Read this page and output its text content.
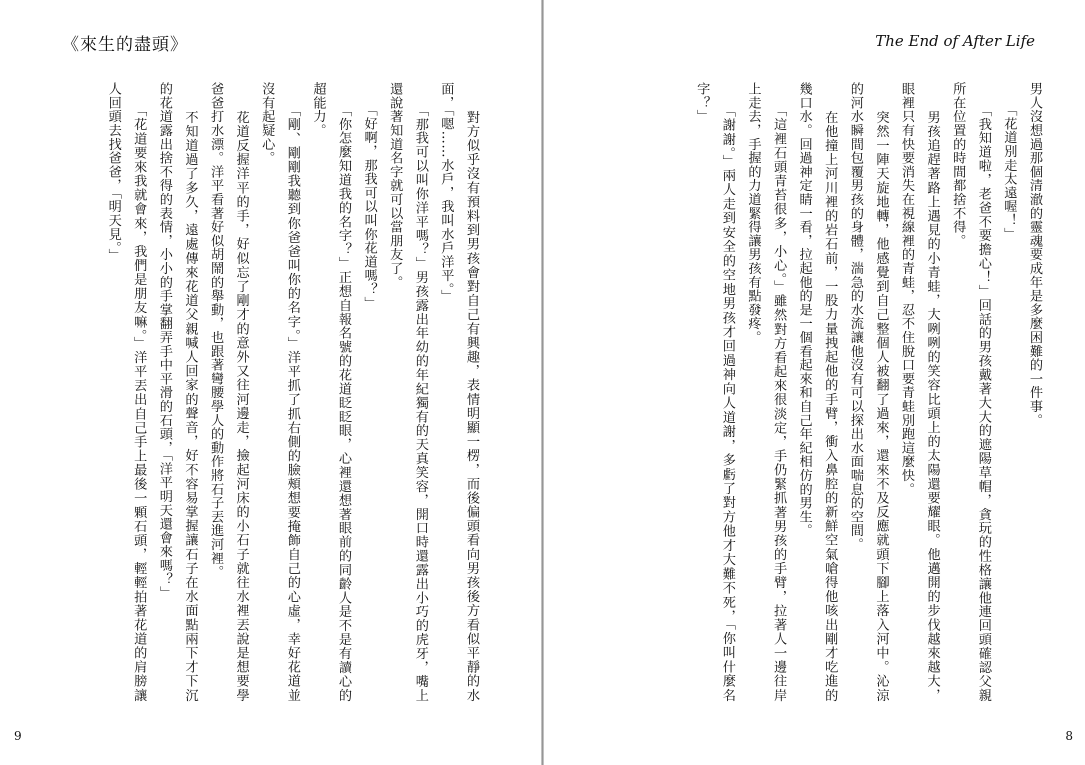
《來生的盡頭》

　　對方似乎沒有預料到男孩會對自己有興趣，表情明顯一楞，而後偏頭看向男孩後方看似平靜的水面，「嗯……水戶，我叫水戶洋平。」

　　「那我可以叫你洋平嗎？」男孩露出年幼的年紀獨有的天真笑容，開口時還露出小巧的虎牙，嘴上還說著知道名字就可以當朋友了。

　　「好啊，那我可以叫你花道嗎？」

　　「你怎麼知道我的名字？」正想自報名號的花道眨眨眼，心裡還想著眼前的同齡人是不是有讀心的超能力。

　　「剛、剛剛我聽到你爸爸叫你的名字。」洋平抓了抓右側的臉頰想要掩飾自己的心虛，幸好花道並沒有起疑心。

　　花道反握洋平的手，好似忘了剛才的意外又往河邊走，撿起河床的小石子就往水裡丟說是想要學爸爸打水漂。洋平看著好似胡鬧的舉動，也跟著彎腰學人的動作將石子丟進河裡。

　　不知道過了多久，遠處傳來花道父親喊人回家的聲音，好不容易掌握讓石子在水面點兩下才下沉的花道露出捨不得的表情，小小的手掌翻弄手中平滑的石頭，「洋平明天還會來嗎？」

　　「花道要來我就會來，我們是朋友嘛。」洋平丟出自己手上最後一顆石頭，輕輕拍著花道的肩膀讓人回頭去找爸爸，「明天見。」

9
The End of After Life

男人沒想過那個清澈的靈魂要成年是多麼困難的一件事。

　　「花道別走太遠喔！」

　　「我知道啦，老爸不要擔心！」回話的男孩戴著大大的遮陽草帽，貪玩的性格讓他連回頭確認父親所在位置的時間都捨不得。

　　男孩追趕著路上遇見的小青蛙，大咧咧的笑容比頭上的太陽還要耀眼。他邁開的步伐越來越大，眼裡只有快要消失在視線裡的青蛙，忍不住脫口要青蛙別跑這麼快。

　　突然一陣天旋地轉，他感覺到自己整個人被翻了過來，還來不及反應就頭下腳上落入河中。沁涼的河水瞬間包覆男孩的身體，湍急的水流讓他沒有可以探出水面喘息的空間。

　　在他撞上河川裡的岩石前，一股力量拽起他的手臂，衝入鼻腔的新鮮空氣嗆得他咳出剛才吃進的幾口水。回過神定睛一看，拉起他的是一個看起來和自己年紀相仿的男生。

　　「這裡石頭青苔很多，小心。」雖然對方看起來很淡定，手仍緊抓著男孩的手臂，拉著人一邊往岸上走去，手握的力道緊得讓男孩有點發疼。

　　「謝謝。」兩人走到安全的空地男孩才回過神向人道謝，多虧了對方他才大難不死，「你叫什麼名字？」

8
